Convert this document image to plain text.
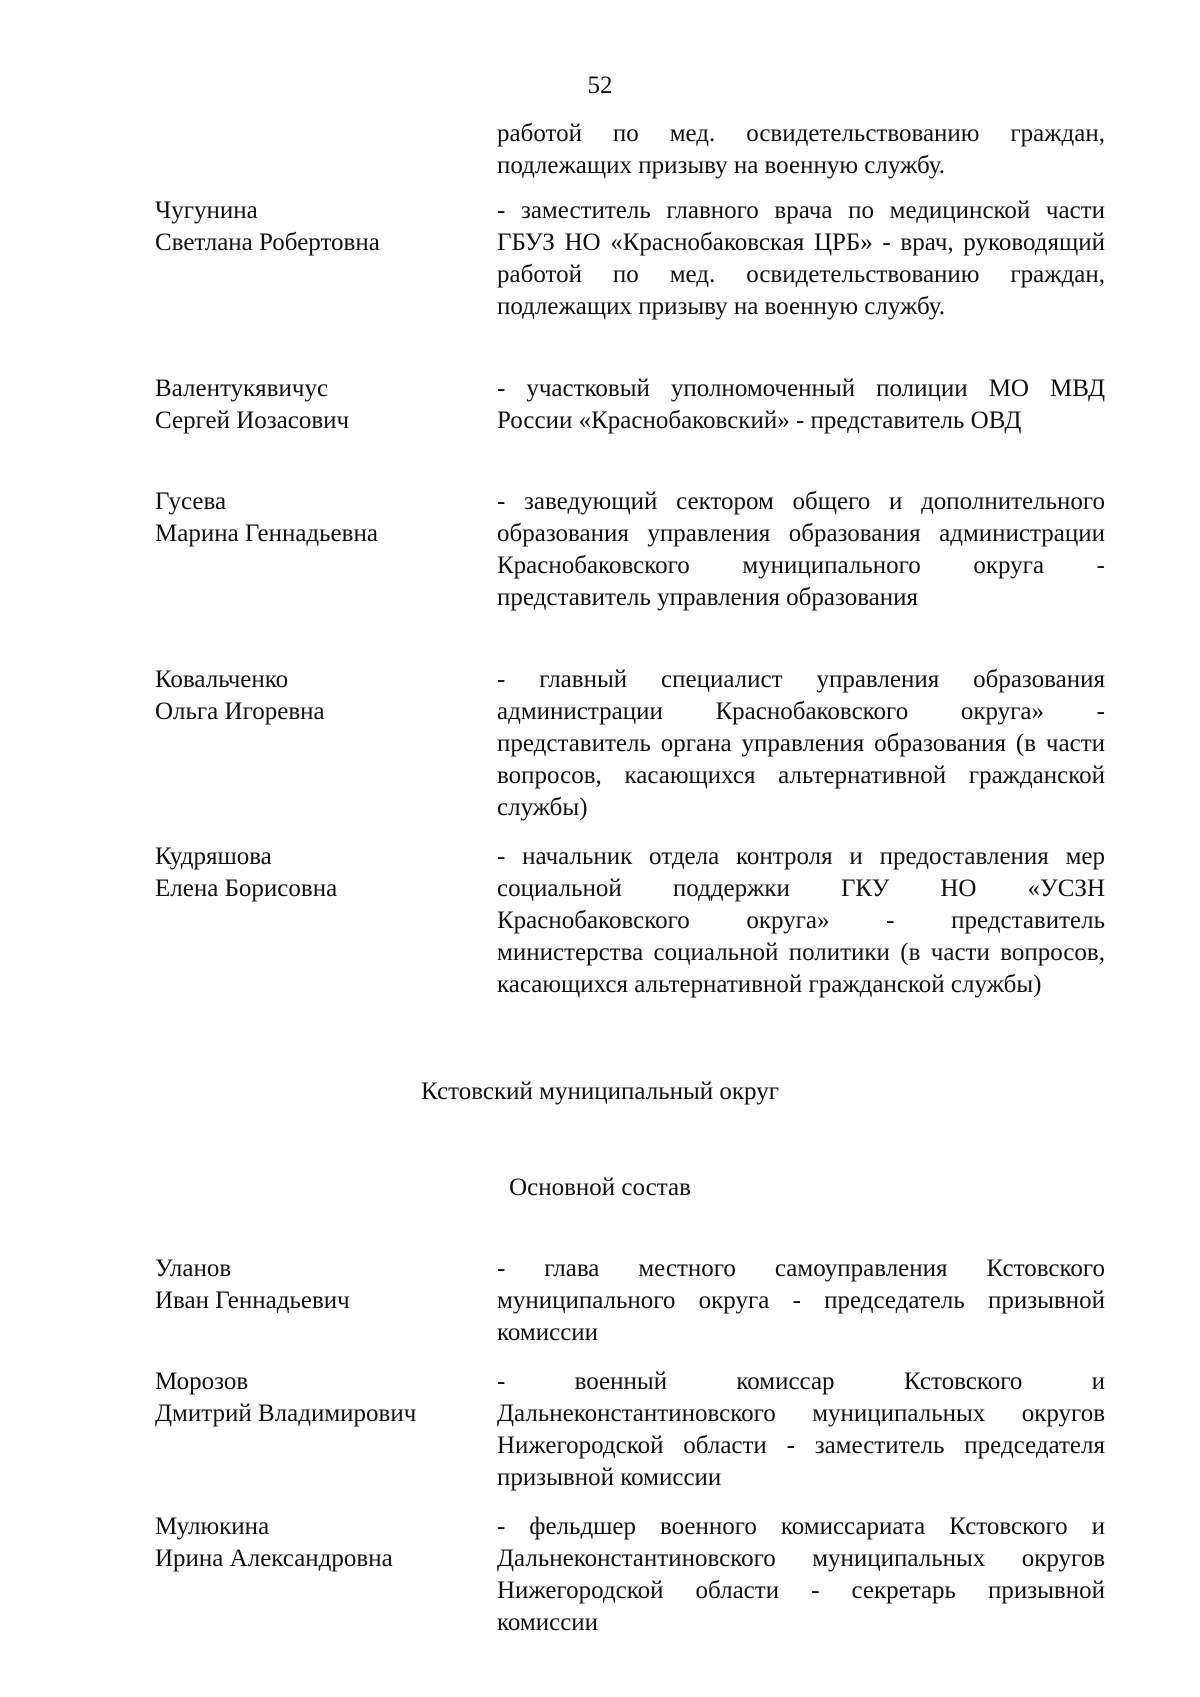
52
работой по мед. освидетельствованию граждан, подлежащих призыву на военную службу.
Чугунина
Светлана Робертовна
- заместитель главного врача по медицинской части ГБУЗ НО «Краснобаковская ЦРБ» - врач, руководящий работой по мед. освидетельствованию граждан, подлежащих призыву на военную службу.
Валентукявичус
Сергей Иозасович
- участковый уполномоченный полиции МО МВД России «Краснобаковский» - представитель ОВД
Гусева
Марина Геннадьевна
- заведующий сектором общего и дополнительного образования управления образования администрации Краснобаковского муниципального округа - представитель управления образования
Ковальченко
Ольга Игоревна
- главный специалист управления образования администрации Краснобаковского округа» - представитель органа управления образования (в части вопросов, касающихся альтернативной гражданской службы)
Кудряшова
Елена Борисовна
- начальник отдела контроля и предоставления мер социальной поддержки ГКУ НО «УСЗН Краснобаковского округа» - представитель министерства социальной политики (в части вопросов, касающихся альтернативной гражданской службы)
Кстовский муниципальный округ
Основной состав
Уланов
Иван Геннадьевич
- глава местного самоуправления Кстовского муниципального округа - председатель призывной комиссии
Морозов
Дмитрий Владимирович
- военный комиссар Кстовского и Дальнеконстантиновского муниципальных округов Нижегородской области - заместитель председателя призывной комиссии
Мулюкина
Ирина Александровна
- фельдшер военного комиссариата Кстовского и Дальнеконстантиновского муниципальных округов Нижегородской области - секретарь призывной комиссии
